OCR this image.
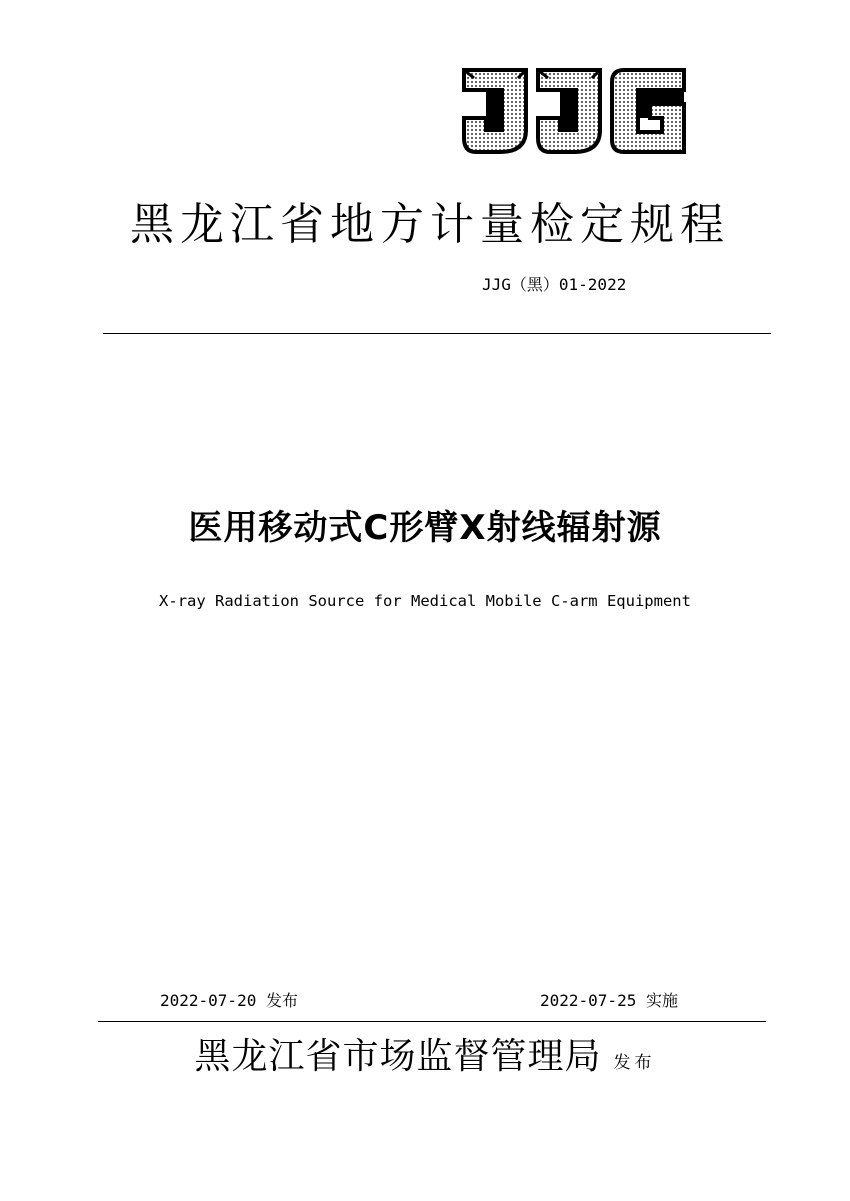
黑龙江省地方计量检定规程
JJG（黑）01-2022
医用移动式C形臂X射线辐射源
X-ray Radiation Source for Medical Mobile C-arm Equipment
2022-07-20 发布	2022-07-25 实施
黑龙江省市场监督管理局 发布
